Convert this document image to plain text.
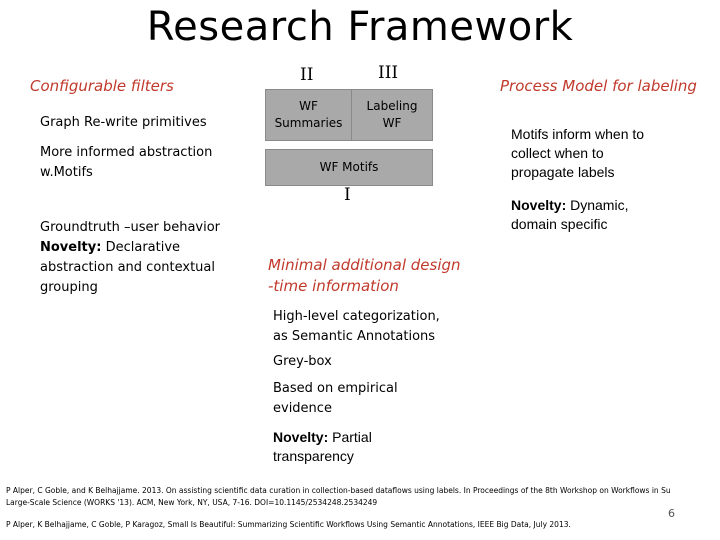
Research Framework
Configurable filters
Graph Re-write primitives
More informed abstraction
w.Motifs
Groundtruth –user behavior
Novelty: Declarative
abstraction and contextual
grouping
II	III
WF
Summaries
Labeling
WF
WF Motifs
I
Process Model for labeling
Motifs inform when to
collect when to
propagate labels
Novelty: Dynamic,
domain specific
Minimal additional design
-time information
High-level categorization,
as Semantic Annotations
Grey-box
Based on empirical
evidence
Novelty: Partial
transparency
P Alper, C Goble, and K Belhajjame. 2013. On assisting scientific data curation in collection-based dataflows using labels. In Proceedings of the 8th Workshop on Workflows in Su
Large-Scale Science (WORKS '13). ACM, New York, NY, USA, 7-16. DOI=10.1145/2534248.2534249
P Alper, K Belhajjame, C Goble, P Karagoz, Small Is Beautiful: Summarizing Scientific Workflows Using Semantic Annotations, IEEE Big Data, July 2013.
6
